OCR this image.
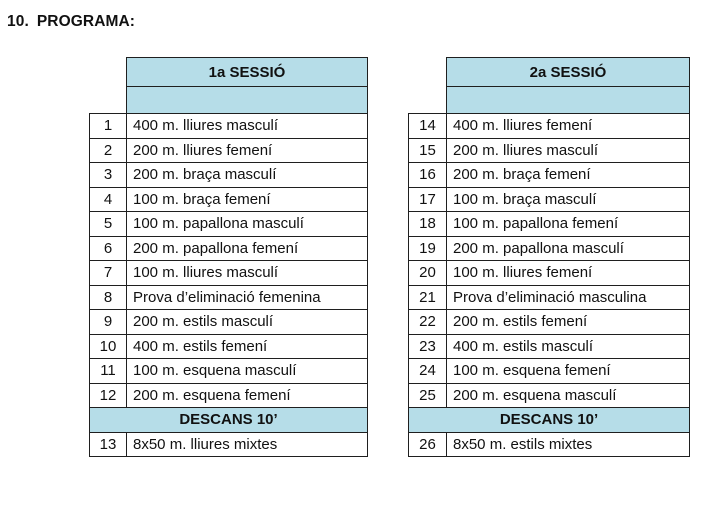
10. PROGRAMA:
	1a SESSIÓ

1	400 m. lliures masculí
2	200 m. lliures femení
3	200 m. braça masculí
4	100 m. braça femení
5	100 m. papallona masculí
6	200 m. papallona femení
7	100 m. lliures masculí
8	Prova d’eliminació femenina
9	200 m. estils masculí
10	400 m. estils femení
11	100 m. esquena masculí
12	200 m. esquena femení
DESCANS 10’	
13	8x50 m. lliures mixtes
	2a SESSIÓ

14	400 m. lliures femení
15	200 m. lliures masculí
16	200 m. braça femení
17	100 m. braça masculí
18	100 m. papallona femení
19	200 m. papallona masculí
20	100 m. lliures femení
21	Prova d’eliminació masculina
22	200 m. estils femení
23	400 m. estils masculí
24	100 m. esquena femení
25	200 m. esquena masculí
DESCANS 10’	
26	8x50 m. estils mixtes
